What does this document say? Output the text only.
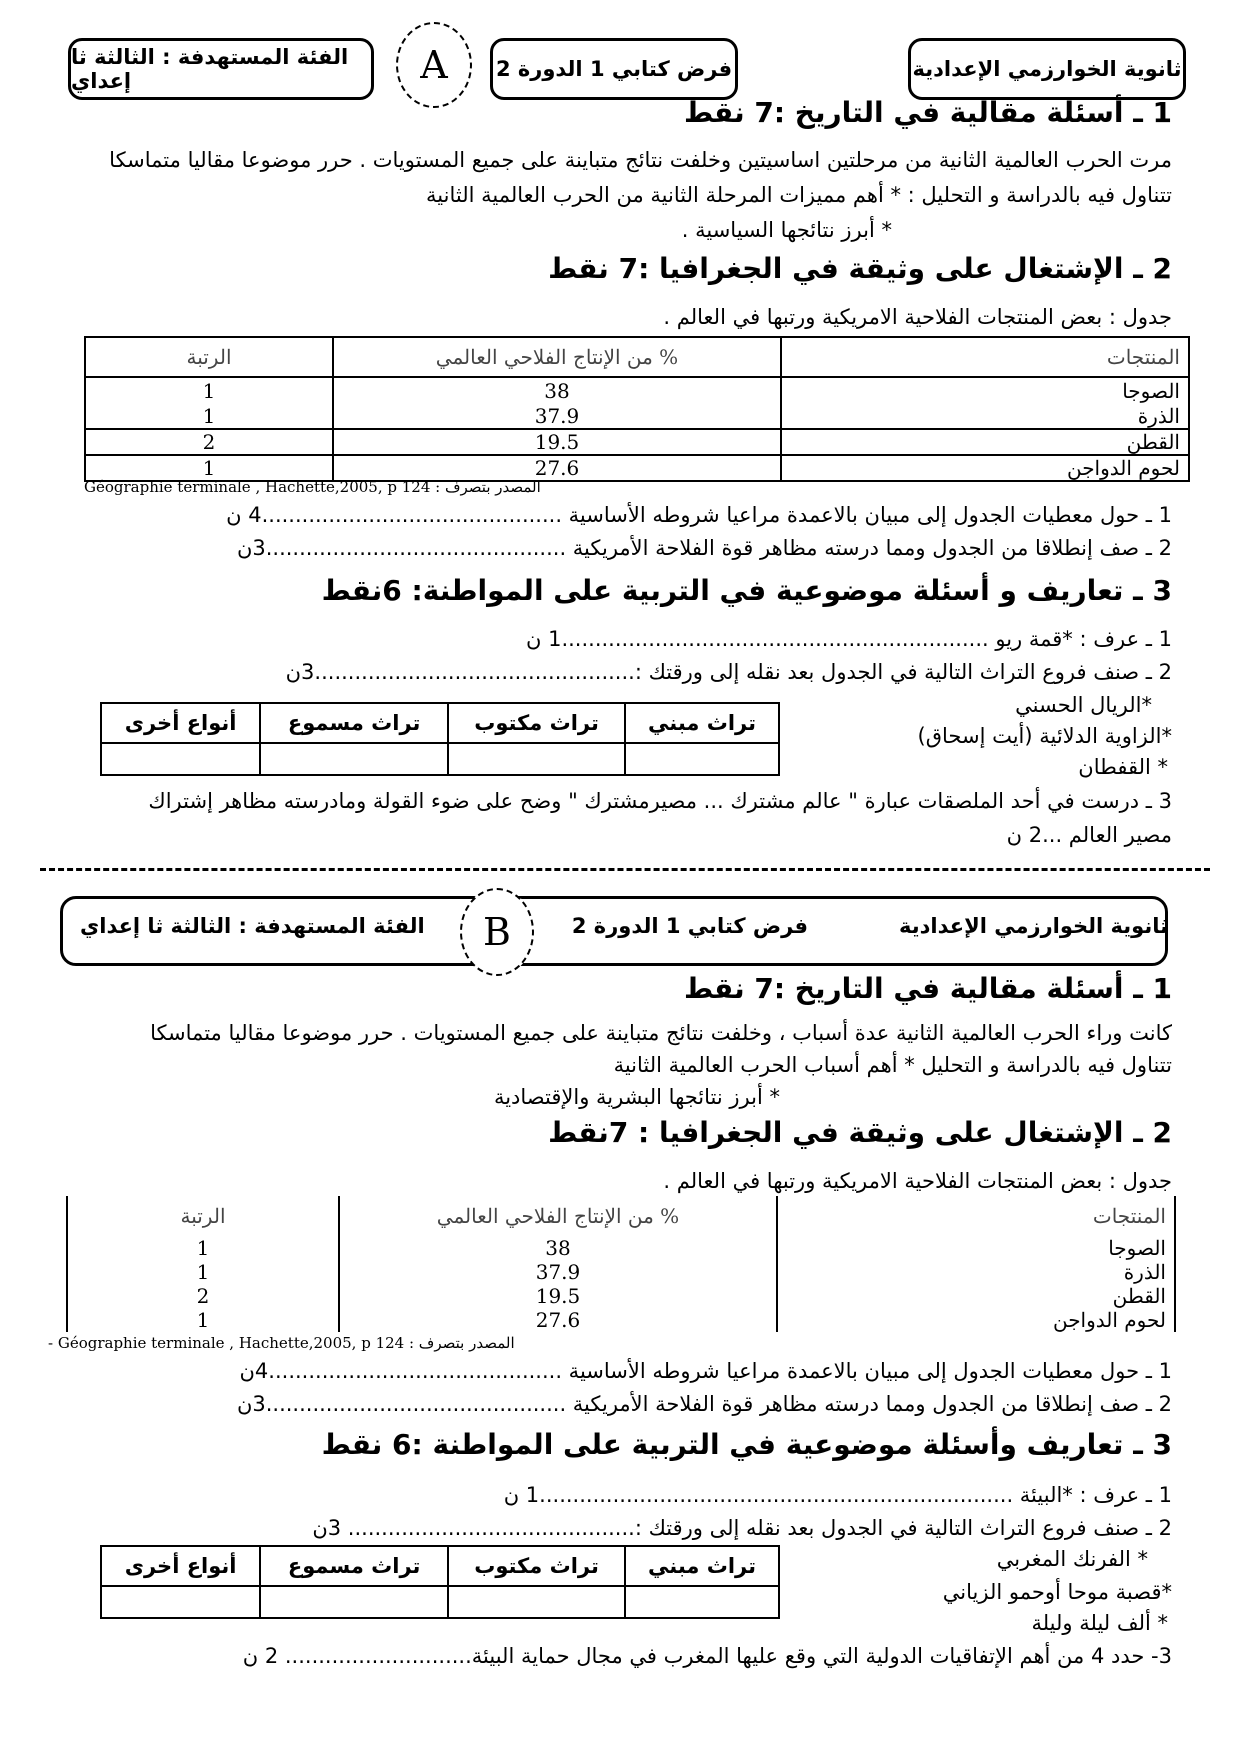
الفئة المستهدفة : الثالثة ثا إعداي	A	فرض كتابي 1 الدورة 2	ثانوية الخوارزمي الإعدادية
1 ـ أسئلة مقالية في التاريخ :7 نقط
مرت الحرب العالمية الثانية من مرحلتين اساسيتين وخلفت نتائج متباينة على جميع المستويات . حرر موضوعا مقاليا متماسكا
تتناول فيه بالدراسة و التحليل : * أهم مميزات المرحلة الثانية من الحرب العالمية الثانية
* أبرز نتائجها السياسية .
2 ـ الإشتغال على وثيقة في الجغرافيا :7 نقط
جدول : بعض المنتجات الفلاحية الامريكية ورتبها في العالم .
المنتجات	% من الإنتاج الفلاحي العالمي	الرتبة
الصوجا	38	1
الذرة	37.9	1
القطن	19.5	2
لحوم الدواجن	27.6	1
Géographie terminale , Hachette,2005, p 124 : المصدر بتصرف
1 ـ حول معطيات الجدول إلى مبيان بالاعمدة مراعيا شروطه الأساسية .............................................4 ن
2 ـ صف إنطلاقا من الجدول ومما درسته مظاهر قوة الفلاحة الأمريكية .............................................3ن
3 ـ تعاريف و أسئلة موضوعية في التربية على المواطنة: 6نقط
1 ـ عرف : *قمة ريو ................................................................1 ن
2 ـ صنف فروع التراث التالية في الجدول بعد نقله إلى ورقتك :................................................3ن
تراث مبني	تراث مكتوب	تراث مسموع	أنواع أخرى

*الريال الحسني
*الزاوية الدلائية (أيت إسحاق)
* القفطان
3 ـ درست في أحد الملصقات عبارة " عالم مشترك ... مصيرمشترك " وضح على ضوء القولة ومادرسته مظاهر إشتراك
مصير العالم ...2 ن
الفئة المستهدفة : الثالثة ثا إعداي	B	فرض كتابي 1 الدورة 2	ثانوية الخوارزمي الإعدادية
1 ـ أسئلة مقالية في التاريخ :7 نقط
كانت وراء الحرب العالمية الثانية عدة أسباب ، وخلفت نتائج متباينة على جميع المستويات . حرر موضوعا مقاليا متماسكا
تتناول فيه بالدراسة و التحليل * أهم أسباب الحرب العالمية الثانية
* أبرز نتائجها البشرية والإقتصادية
2 ـ الإشتغال على وثيقة في الجغرافيا : 7نقط
جدول : بعض المنتجات الفلاحية الامريكية ورتبها في العالم .
المنتجات	% من الإنتاج الفلاحي العالمي	الرتبة
الصوجا	38	1
الذرة	37.9	1
القطن	19.5	2
لحوم الدواجن	27.6	1
- Géographie terminale , Hachette,2005, p 124 : المصدر بتصرف
1 ـ حول معطيات الجدول إلى مبيان بالاعمدة مراعيا شروطه الأساسية ............................................4ن
2 ـ صف إنطلاقا من الجدول ومما درسته مظاهر قوة الفلاحة الأمريكية .............................................3ن
3 ـ تعاريف وأسئلة موضوعية في التربية على المواطنة :6 نقط
1 ـ عرف : *البيئة .......................................................................1 ن
2 ـ صنف فروع التراث التالية في الجدول بعد نقله إلى ورقتك :........................................... 3ن
تراث مبني	تراث مكتوب	تراث مسموع	أنواع أخرى
				* الفرنك المغربي
*قصبة موحا أوحمو الزياني
* ألف ليلة وليلة
3- حدد 4 من أهم الإتفاقيات الدولية التي وقع عليها المغرب في مجال حماية البيئة............................ 2 ن
